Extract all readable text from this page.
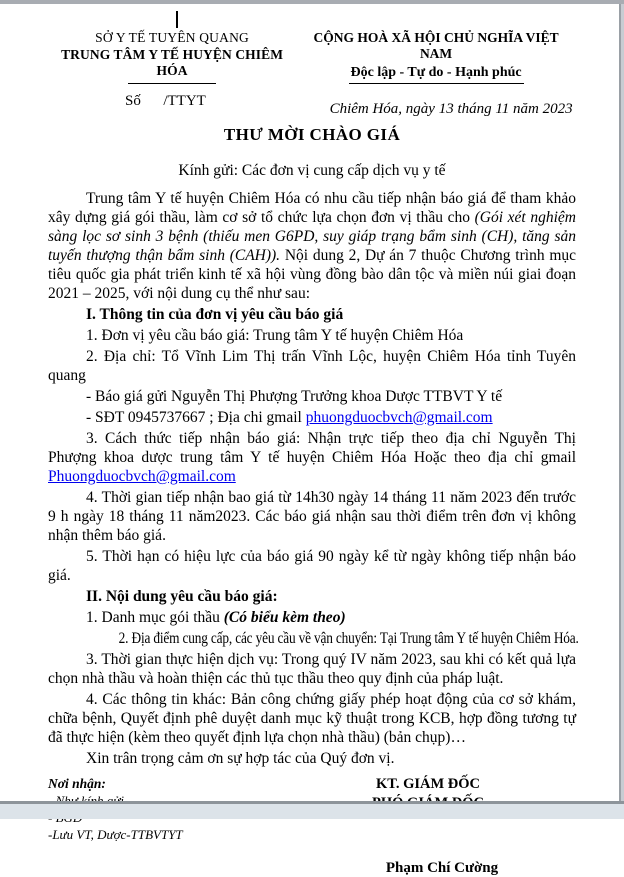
SỞ Y TẾ TUYÊN QUANG
TRUNG TÂM Y TẾ HUYỆN CHIÊM HÓA
CỘNG HOÀ XÃ HỘI CHỦ NGHĨA VIỆT NAM
Độc lập - Tự do - Hạnh phúc
Số      /TTYT	Chiêm Hóa, ngày 13 tháng 11 năm 2023
THƯ MỜI CHÀO GIÁ
Kính gửi: Các đơn vị cung cấp dịch vụ y tế

Trung tâm Y tế huyện Chiêm Hóa có nhu cầu tiếp nhận báo giá để tham khảo xây dựng giá gói thầu, làm cơ sở tổ chức lựa chọn đơn vị thầu cho (Gói xét nghiệm sàng lọc sơ sinh 3 bệnh (thiếu men G6PD, suy giáp trạng bẩm sinh (CH), tăng sản tuyến thượng thận bẩm sinh (CAH)). Nội dung 2, Dự án 7 thuộc Chương trình mục tiêu quốc gia phát triển kinh tế xã hội vùng đồng bào dân tộc và miền núi giai đoạn 2021 – 2025, với nội dung cụ thể như sau:

I. Thông tin của đơn vị yêu cầu báo giá

1. Đơn vị yêu cầu báo giá: Trung tâm Y tế huyện Chiêm Hóa

2. Địa chỉ: Tổ Vĩnh Lim Thị trấn Vĩnh Lộc, huyện Chiêm Hóa tỉnh Tuyên quang

- Báo giá gửi Nguyễn Thị Phượng Trưởng khoa Dược TTBVT Y tế

- SĐT 0945737667 ; Địa chi gmail phuongduocbvch@gmail.com

3. Cách thức tiếp nhận báo giá: Nhận trực tiếp theo địa chỉ Nguyễn Thị Phượng khoa dược trung tâm Y tế huyện Chiêm Hóa Hoặc theo địa chỉ gmail Phuongduocbvch@gmail.com

4. Thời gian tiếp nhận bao giá từ 14h30 ngày 14 tháng 11 năm 2023 đến trước 9 h ngày 18 tháng 11 năm2023. Các báo giá nhận sau thời điểm trên đơn vị không nhận thêm báo giá.

5. Thời hạn có hiệu lực của báo giá 90 ngày kể từ ngày không tiếp nhận báo giá.

II. Nội dung yêu cầu báo giá:

1. Danh mục gói thầu (Có biểu kèm theo)

2. Địa điểm cung cấp, các yêu cầu về vận chuyển: Tại Trung tâm Y tế huyện Chiêm Hóa.

3. Thời gian thực hiện dịch vụ: Trong quý IV năm 2023, sau khi có kết quả lựa chọn nhà thầu và hoàn thiện các thủ tục thầu theo quy định của pháp luật.

4. Các thông tin khác: Bản công chứng giấy phép hoạt động của cơ sở khám, chữa bệnh, Quyết định phê duyệt danh mục kỹ thuật trong KCB, hợp đồng tương tự đã thực hiện (kèm theo quyết định lựa chọn nhà thầu) (bản chụp)…

Xin trân trọng cảm ơn sự hợp tác của Quý đơn vị.

Nơi nhận:
-Lưu VT, Dược-TTBVTYT
KT. GIÁM ĐỐC
Phạm Chí Cường
